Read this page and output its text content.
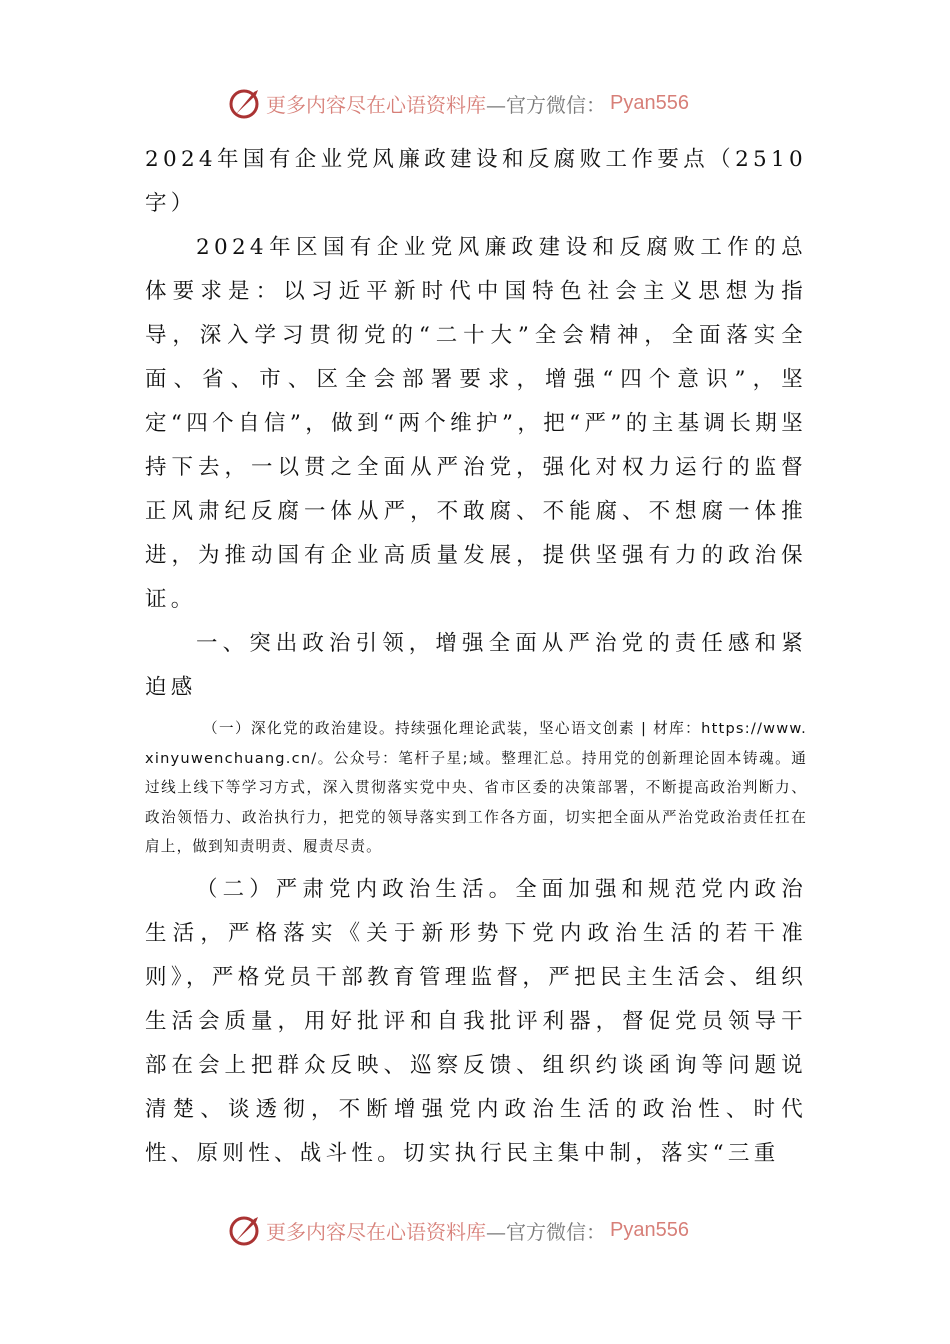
更多内容尽在心语资料库 —官方微信： Pyan556

2024年国有企业党风廉政建设和反腐败工作要点（2510字）

2024年区国有企业党风廉政建设和反腐败工作的总体要求是：以习近平新时代中国特色社会主义思想为指导，深入学习贯彻党的“二十大”全会精神，全面落实全面、省、市、区全会部署要求，增强“四个意识”，坚定“四个自信”，做到“两个维护”，把“严”的主基调长期坚持下去，一以贯之全面从严治党，强化对权力运行的监督正风肃纪反腐一体从严，不敢腐、不能腐、不想腐一体推进，为推动国有企业高质量发展，提供坚强有力的政治保证。

一、突出政治引领，增强全面从严治党的责任感和紧迫感

（一）深化党的政治建设。持续强化理论武装，坚心语文创素 | 材库：https://www.xinyuwenchuang.cn/。公众号：笔杆子星;域。整理汇总。持用党的创新理论固本铸魂。通过线上线下等学习方式，深入贯彻落实党中央、省市区委的决策部署，不断提高政治判断力、政治领悟力、政治执行力，把党的领导落实到工作各方面，切实把全面从严治党政治责任扛在肩上，做到知责明责、履责尽责。

（二）严肃党内政治生活。全面加强和规范党内政治生活，严格落实《关于新形势下党内政治生活的若干准则》，严格党员干部教育管理监督，严把民主生活会、组织生活会质量，用好批评和自我批评利器，督促党员领导干部在会上把群众反映、巡察反馈、组织约谈函询等问题说清楚、谈透彻，不断增强党内政治生活的政治性、时代性、原则性、战斗性。切实执行民主集中制，落实“三重

更多内容尽在心语资料库 —官方微信： Pyan556
